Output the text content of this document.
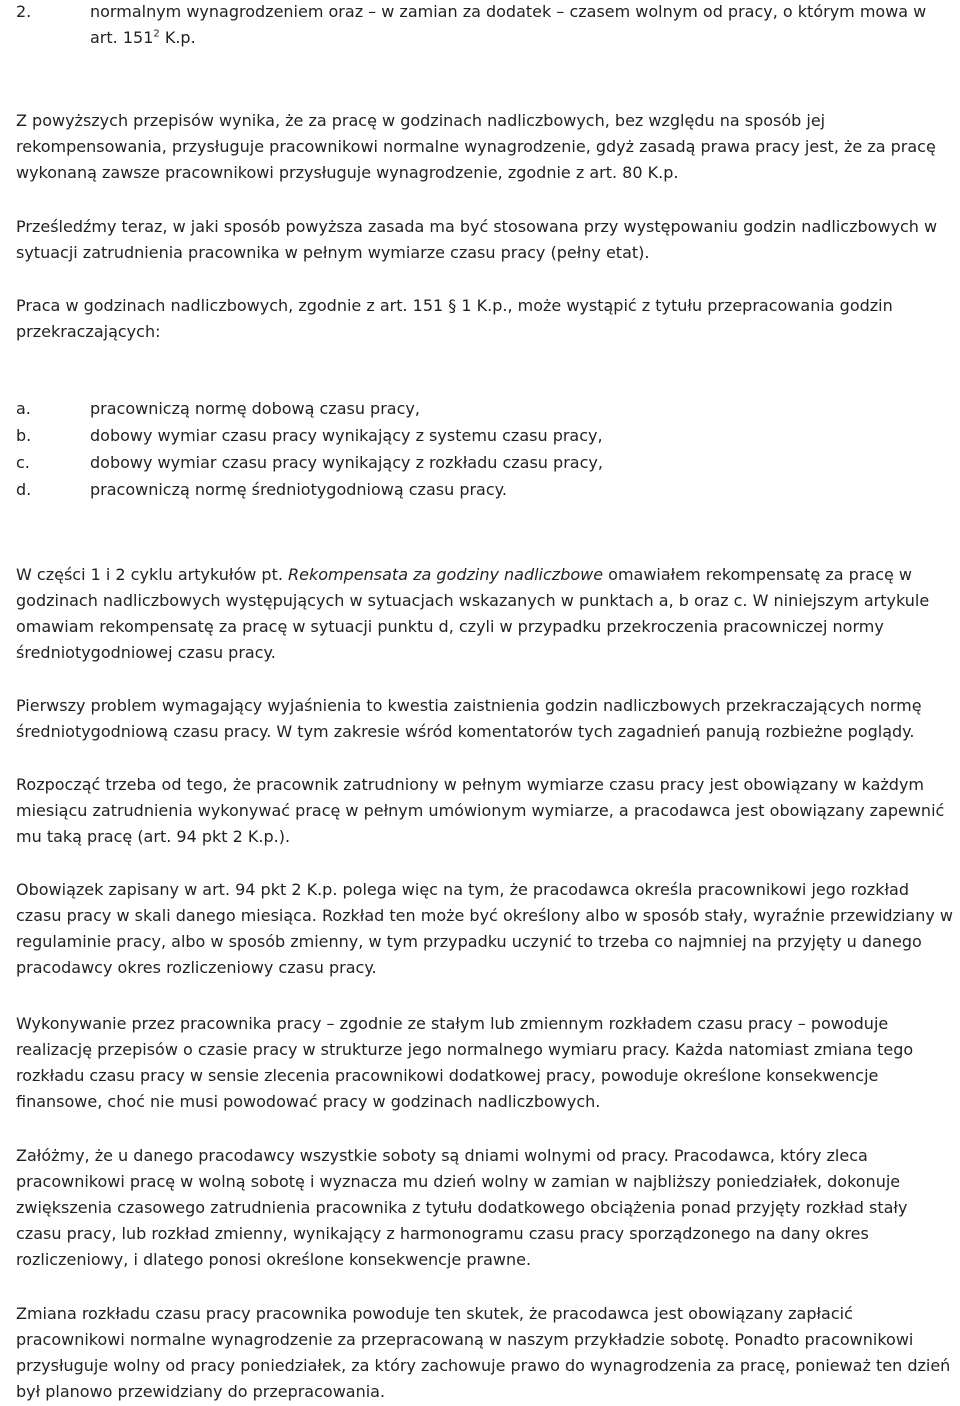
2.	normalnym wynagrodzeniem oraz – w zamian za dodatek – czasem wolnym od pracy, o którym mowa w art. $151^2$ K.p.

Z powyższych przepisów wynika, że za pracę w godzinach nadliczbowych, bez względu na sposób jej rekompensowania, przysługuje pracownikowi normalne wynagrodzenie, gdyż zasadą prawa pracy jest, że za pracę wykonaną zawsze pracownikowi przysługuje wynagrodzenie, zgodnie z art. 80 K.p.

Prześledźmy teraz, w jaki sposób powyższa zasada ma być stosowana przy występowaniu godzin nadliczbowych w sytuacji zatrudnienia pracownika w pełnym wymiarze czasu pracy (pełny etat).

Praca w godzinach nadliczbowych, zgodnie z art. 151 § 1 K.p., może wystąpić z tytułu przepracowania godzin przekraczających:

a.	pracowniczą normę dobową czasu pracy,
b.	dobowy wymiar czasu pracy wynikający z systemu czasu pracy,
c.	dobowy wymiar czasu pracy wynikający z rozkładu czasu pracy,
d.	pracowniczą normę średniotygodniową czasu pracy.

W części 1 i 2 cyklu artykułów pt. Rekompensata za godziny nadliczbowe omawiałem rekompensatę za pracę w godzinach nadliczbowych występujących w sytuacjach wskazanych w punktach a, b oraz c. W niniejszym artykule omawiam rekompensatę za pracę w sytuacji punktu d, czyli w przypadku przekroczenia pracowniczej normy średniotygodniowej czasu pracy.

Pierwszy problem wymagający wyjaśnienia to kwestia zaistnienia godzin nadliczbowych przekraczających normę średniotygodniową czasu pracy. W tym zakresie wśród komentatorów tych zagadnień panują rozbieżne poglądy.

Rozpocząć trzeba od tego, że pracownik zatrudniony w pełnym wymiarze czasu pracy jest obowiązany w każdym miesiącu zatrudnienia wykonywać pracę w pełnym umówionym wymiarze, a pracodawca jest obowiązany zapewnić mu taką pracę (art. 94 pkt 2 K.p.).

Obowiązek zapisany w art. 94 pkt 2 K.p. polega więc na tym, że pracodawca określa pracownikowi jego rozkład czasu pracy w skali danego miesiąca. Rozkład ten może być określony albo w sposób stały, wyraźnie przewidziany w regulaminie pracy, albo w sposób zmienny, w tym przypadku uczynić to trzeba co najmniej na przyjęty u danego pracodawcy okres rozliczeniowy czasu pracy.

Wykonywanie przez pracownika pracy – zgodnie ze stałym lub zmiennym rozkładem czasu pracy – powoduje realizację przepisów o czasie pracy w strukturze jego normalnego wymiaru pracy. Każda natomiast zmiana tego rozkładu czasu pracy w sensie zlecenia pracownikowi dodatkowej pracy, powoduje określone konsekwencje finansowe, choć nie musi powodować pracy w godzinach nadliczbowych.

Załóżmy, że u danego pracodawcy wszystkie soboty są dniami wolnymi od pracy. Pracodawca, który zleca pracownikowi pracę w wolną sobotę i wyznacza mu dzień wolny w zamian w najbliższy poniedziałek, dokonuje zwiększenia czasowego zatrudnienia pracownika z tytułu dodatkowego obciążenia ponad przyjęty rozkład stały czasu pracy, lub rozkład zmienny, wynikający z harmonogramu czasu pracy sporządzonego na dany okres rozliczeniowy, i dlatego ponosi określone konsekwencje prawne.

Zmiana rozkładu czasu pracy pracownika powoduje ten skutek, że pracodawca jest obowiązany zapłacić pracownikowi normalne wynagrodzenie za przepracowaną w naszym przykładzie sobotę. Ponadto pracownikowi przysługuje wolny od pracy poniedziałek, za który zachowuje prawo do wynagrodzenia za pracę, ponieważ ten dzień był planowo przewidziany do przepracowania.
